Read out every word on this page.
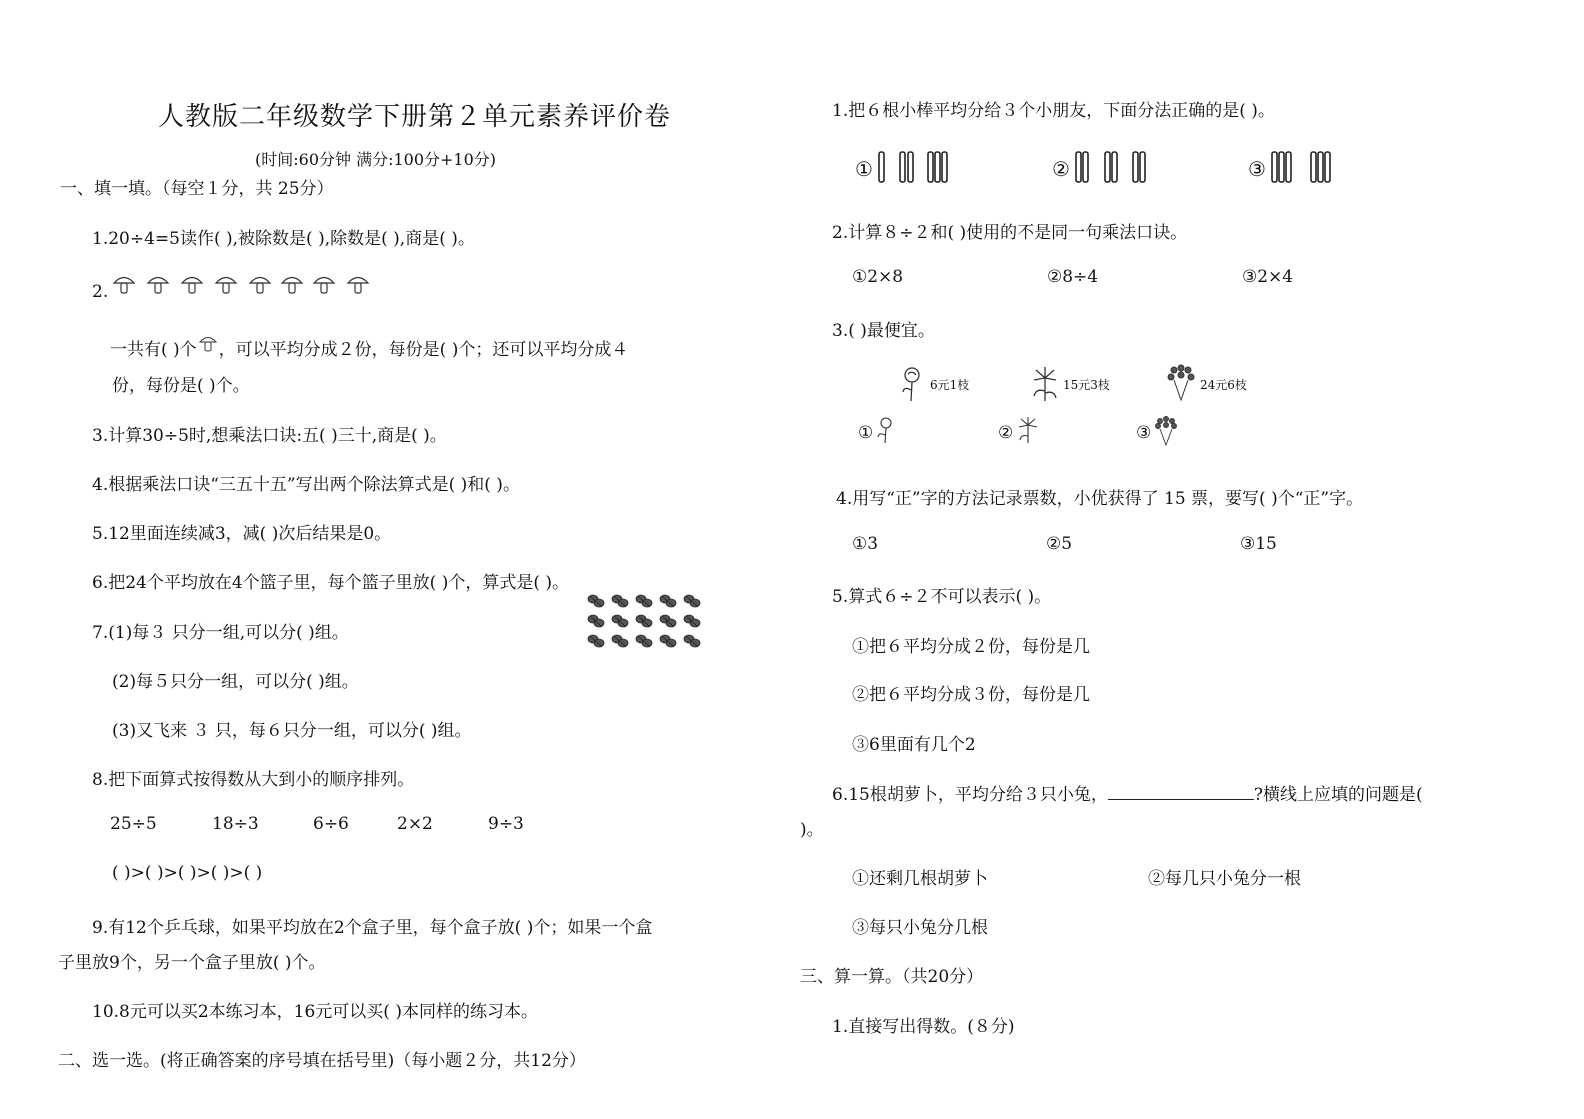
人教版二年级数学下册第２单元素养评价卷
(时间:60分钟 满分:100分+10分)
一、填一填。（每空１分，共 25分）
1.20÷4=5读作( ),被除数是( ),除数是( ),商是( )。
2.
一共有( )个 ，可以平均分成２份，每份是( )个；还可以平均分成４
份，每份是( )个。
3.计算30÷5时,想乘法口诀:五( )三十,商是( )。
4.根据乘法口诀“三五十五”写出两个除法算式是( )和( )。
5.12里面连续减3，减( )次后结果是0。
6.把24个平均放在4个篮子里，每个篮子里放( )个，算式是( )。
7.(1)每３ 只分一组,可以分( )组。
(2)每５只分一组，可以分( )组。
(3)又飞来 ３ 只，每６只分一组，可以分( )组。
8.把下面算式按得数从大到小的顺序排列。
25÷5	18÷3	6÷6	2×2	9÷3
( )>( )>( )>( )>( )
9.有12个乒乓球，如果平均放在2个盒子里，每个盒子放( )个；如果一个盒
子里放9个，另一个盒子里放( )个。
10.8元可以买2本练习本，16元可以买( )本同样的练习本。
二、选一选。(将正确答案的序号填在括号里)（每小题２分，共12分）
1.把６根小棒平均分给３个小朋友，下面分法正确的是( )。
①	②	③
2.计算８÷２和( )使用的不是同一句乘法口诀。
①2×8	②8÷4	③2×4
3.( )最便宜。
6元1枝	15元3枝	24元6枝
①	②	③
4.用写“正”字的方法记录票数，小优获得了 15 票，要写( )个“正”字。
①3	②5	③15
5.算式６÷２不可以表示( )。
①把６平均分成２份，每份是几
②把６平均分成３份，每份是几
③6里面有几个2
6.15根胡萝卜，平均分给３只小兔，	?横线上应填的问题是(
)。
①还剩几根胡萝卜	②每几只小兔分一根
③每只小兔分几根
三、算一算。（共20分）
1.直接写出得数。(８分)
